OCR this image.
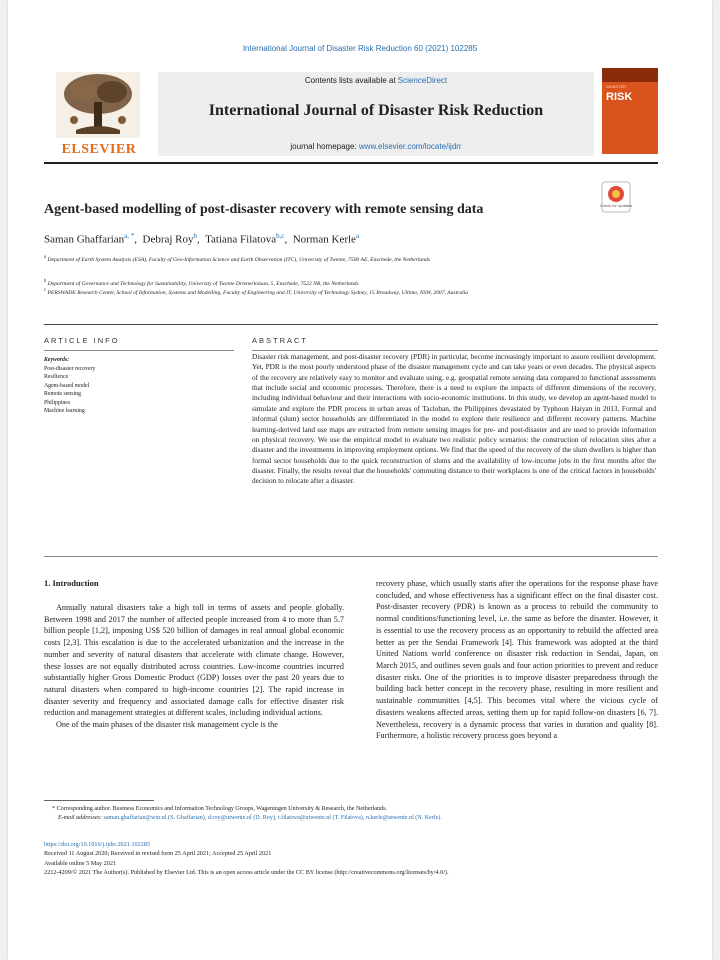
International Journal of Disaster Risk Reduction 60 (2021) 102285
ELSEVIER
Contents lists available at ScienceDirect
International Journal of Disaster Risk Reduction
journal homepage: www.elsevier.com/locate/ijdrr
DISASTER
RISK
Agent-based modelling of post-disaster recovery with remote sensing data	Check for updates
Saman Ghaffarian$^{a, *}$,  Debraj Roy$^b$,  Tatiana Filatova$^{b,c}$,  Norman Kerle$^a$
$^a$ Department of Earth System Analysis (ESA), Faculty of Geo-Information Science and Earth Observation (ITC), University of Twente, 7500 AE, Enschede, the Netherlands
$^b$ Department of Governance and Technology for Sustainability, University of Twente Drienerlolaan, 5, Enschede, 7522 NB, the Netherlands
$^c$ PERSWADE Research Center, School of Information, Systems and Modelling, Faculty of Engineering and IT, University of Technology Sydney, 15 Broadway, Ultimo, NSW, 2007, Australia
ARTICLE INFO
Keywords:
Post-disaster recovery
Resilience
Agent-based model
Remote sensing
Philippines
Machine learning
ABSTRACT
Disaster risk management, and post-disaster recovery (PDR) in particular, become increasingly important to assure resilient development. Yet, PDR is the most poorly understood phase of the disaster management cycle and can take years or even decades. The physical aspects of the recovery are relatively easy to monitor and evaluate using, e.g. geospatial remote sensing data compared to functional assessments that include social and economic processes. Therefore, there is a need to explore the impacts of different dimensions of the recovery, including individual behaviour and their interactions with socio-economic institutions. In this study, we develop an agent-based model to simulate and explore the PDR process in urban areas of Tacloban, the Philippines devastated by Typhoon Haiyan in 2013. Formal and informal (slum) sector households are differentiated in the model to explore their resilience and different recovery patterns. Machine learning-derived land use maps are extracted from remote sensing images for pre- and post-disaster and are used to provide information on physical recovery. We use the empirical model to evaluate two realistic policy scenarios: the construction of relocation sites after a disaster and the investments in improving employment options. We find that the speed of the recovery of the slum dwellers is higher than formal sector households due to the quick reconstruction of slums and the availability of low-income jobs in the first months after the disaster. Finally, the results reveal that the households' commuting distance to their workplaces is one of the critical factors in households' decision to relocate after a disaster.
1. Introduction

Annually natural disasters take a high toll in terms of assets and people globally. Between 1998 and 2017 the number of affected people increased from 4 to more than 5.7 billion people [1,2], imposing US$ 520 billion of damages in real annual global economic costs [2,3]. This escalation is due to the accelerated urbanization and the increase in the number and severity of natural disasters that accelerate with climate change. However, these losses are not equally distributed across countries. Low-income countries incurred substantially higher Gross Domestic Product (GDP) losses over the past 20 years due to natural disasters when compared to high-income countries [2]. The rapid increase in disaster severity and frequency and associated damage calls for effective disaster risk reduction and management strategies at different scales, including individual actions.

One of the main phases of the disaster risk management cycle is the

recovery phase, which usually starts after the operations for the response phase have concluded, and whose effectiveness has a significant effect on the final disaster cost. Post-disaster recovery (PDR) is known as a process to rebuild the community to normal conditions/functioning level, i.e. the same as before the disaster. However, it is essential to use the recovery process as an opportunity to rebuild the affected area better as per the Sendai Framework [4]. This framework was adopted at the third United Nations world conference on disaster risk reduction in Sendai, Japan, on March 2015, and outlines seven goals and four action priorities to prevent and reduce disaster risks. One of the priorities is to improve disaster preparedness through the building back better concept in the recovery phase, resulting in more resilient and sustainable communities [4,5]. This becomes vital where the vicious cycle of disasters weakens affected areas, setting them up for rapid follow-on disasters [6, 7]. Nevertheless, recovery is a dynamic process that varies in duration and quality [8]. Furthermore, a holistic recovery process goes beyond a

* Corresponding author. Business Economics and Information Technology Groups, Wageningen University & Research, the Netherlands.
E-mail addresses: saman.ghaffarian@wur.nl (S. Ghaffarian), d.roy@utwente.nl (D. Roy), t.filatova@utwente.nl (T. Filatova), n.kerle@utwente.nl (N. Kerle).
https://doi.org/10.1016/j.ijdrr.2021.102285
Received 11 August 2020; Received in revised form 25 April 2021; Accepted 25 April 2021
Available online 5 May 2021
2212-4209/© 2021 The Author(s). Published by Elsevier Ltd. This is an open access article under the CC BY license (http://creativecommons.org/licenses/by/4.0/).
